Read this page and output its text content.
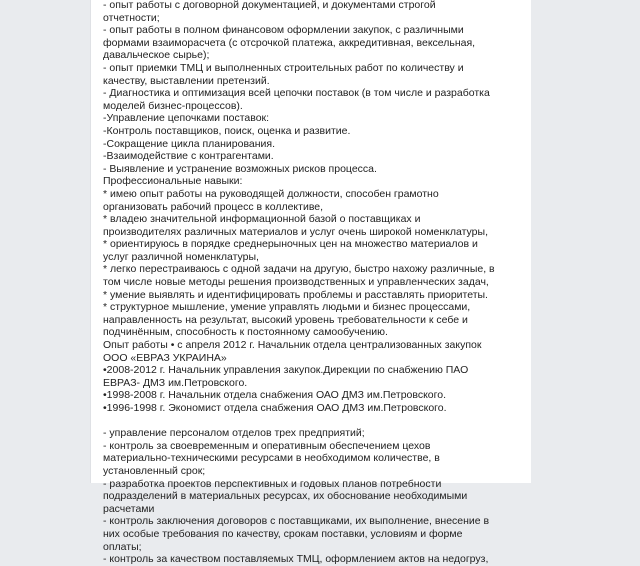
- опыт работы с договорной документацией, и документами строгой
отчетности;
- опыт работы в полном финансовом оформлении закупок, с различными
формами взаиморасчета (с отсрочкой платежа, аккредитивная, вексельная,
давальческое сырье);
- опыт приемки ТМЦ и выполненных строительных работ по количеству и
качеству, выставлении претензий.
- Диагностика и оптимизация всей цепочки поставок (в том числе и разработка
моделей бизнес-процессов).
-Управление цепочками поставок:
-Контроль поставщиков, поиск, оценка и развитие.
-Сокращение цикла планирования.
-Взаимодействие с контрагентами.
- Выявление и устранение возможных рисков процесса.
Профессиональные навыки:
* имею опыт работы на руководящей должности, способен грамотно
организовать рабочий процесс в коллективе,
* владею значительной информационной базой о поставщиках и
производителях различных материалов и услуг очень широкой номенклатуры,
* ориентируюсь в порядке среднерыночных цен на множество материалов и
услуг различной номенклатуры,
* легко перестраиваюсь с одной задачи на другую, быстро нахожу различные, в
том числе новые методы решения производственных и управленческих задач,
* умение выявлять и идентифицировать проблемы и расставлять приоритеты.
* структурное мышление, умение управлять людьми и бизнес процессами,
направленность на результат, высокий уровень требовательности к себе и
подчинённым, способность к постоянному самообучению.
Опыт работы • с апреля 2012 г. Начальник отдела централизованных закупок
ООО «ЕВРАЗ УКРАИНА»
•2008-2012 г. Начальник управления закупок.Дирекции по снабжению ПАО
ЕВРАЗ- ДМЗ им.Петровского.
•1998-2008 г. Начальник отдела снабжения ОАО ДМЗ им.Петровского.
•1996-1998 г. Экономист отдела снабжения ОАО ДМЗ им.Петровского.
- управление персоналом отделов трех предприятий;
- контроль за своевременным и оперативным обеспечением цехов
материально-техническими ресурсами в необходимом количестве, в
установленный срок;
- разработка проектов перспективных и годовых планов потребности
подразделений в материальных ресурсах, их обоснование необходимыми
расчетами
- контроль заключения договоров с поставщиками, их выполнение, внесение в
них особые требования по качеству, срокам поставки, условиям и форме
оплаты;
- контроль за качеством поставляемых ТМЦ, оформлением актов на недогруз,
